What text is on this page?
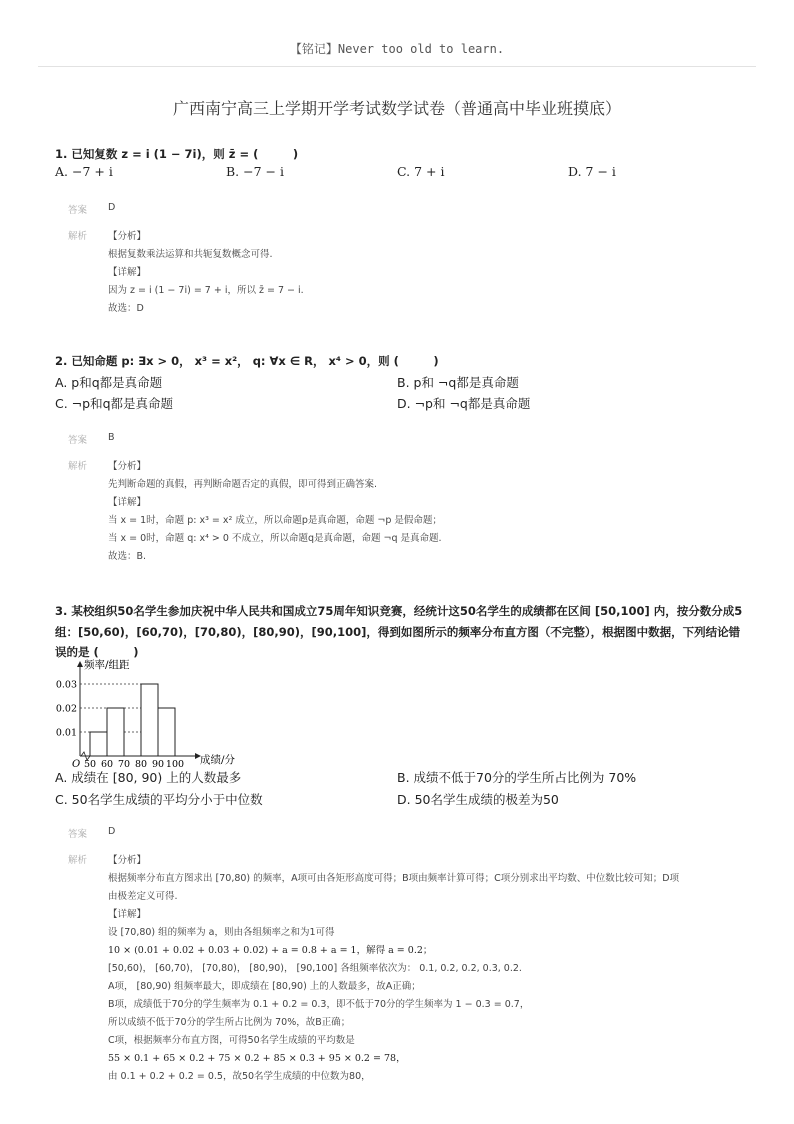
【铭记】Never too old to learn.
广西南宁高三上学期开学考试数学试卷（普通高中毕业班摸底）
1. 已知复数 z = i (1 − 7i)，则 z̄ = (　　　)
A. −7 + i	B. −7 − i	C. 7 + i	D. 7 − i
答案 D
解析 【分析】
根据复数乘法运算和共轭复数概念可得.
【详解】
因为 z = i (1 − 7i) = 7 + i，所以 z̄ = 7 − i.
故选：D
2. 已知命题 p: ∃x > 0， x³ = x²， q: ∀x ∈ R， x⁴ > 0，则 (　　　)
A. p和q都是真命题	B. p和 ¬q都是真命题
C. ¬p和q都是真命题	D. ¬p和 ¬q都是真命题
答案 B
解析 【分析】
先判断命题的真假，再判断命题否定的真假，即可得到正确答案.
【详解】
当 x = 1时，命题 p: x³ = x² 成立，所以命题p是真命题，命题 ¬p 是假命题；
当 x = 0时，命题 q: x⁴ > 0 不成立，所以命题q是真命题，命题 ¬q 是真命题.
故选：B.
3. 某校组织50名学生参加庆祝中华人民共和国成立75周年知识竞赛，经统计这50名学生的成绩都在区间 [50,100] 内，按分数分成5
组：[50,60)，[60,70)，[70,80)，[80,90)，[90,100]，得到如图所示的频率分布直方图（不完整），根据图中数据，下列结论错
误的是 (　　　)
0.01
0.02
0.03
50 60 70 80 90 100
O
频率/组距
成绩/分
A. 成绩在 [80, 90) 上的人数最多	B. 成绩不低于70分的学生所占比例为 70%
C. 50名学生成绩的平均分小于中位数	D. 50名学生成绩的极差为50
答案 D
解析 【分析】
根据频率分布直方图求出 [70,80) 的频率，A项可由各矩形高度可得；B项由频率计算可得；C项分别求出平均数、中位数比较可知；D项
由极差定义可得.
【详解】
设 [70,80) 组的频率为 a，则由各组频率之和为1可得
10 × (0.01 + 0.02 + 0.03 + 0.02) + a = 0.8 + a = 1，解得 a = 0.2；
[50,60)， [60,70)， [70,80)， [80,90)， [90,100] 各组频率依次为： 0.1, 0.2, 0.2, 0.3, 0.2.
A项， [80,90) 组频率最大，即成绩在 [80,90) 上的人数最多，故A正确；
B项，成绩低于70分的学生频率为 0.1 + 0.2 = 0.3，即不低于70分的学生频率为 1 − 0.3 = 0.7，
所以成绩不低于70分的学生所占比例为 70%，故B正确；
C项，根据频率分布直方图，可得50名学生成绩的平均数是
55 × 0.1 + 65 × 0.2 + 75 × 0.2 + 85 × 0.3 + 95 × 0.2 = 78，
由 0.1 + 0.2 + 0.2 = 0.5，故50名学生成绩的中位数为80，
